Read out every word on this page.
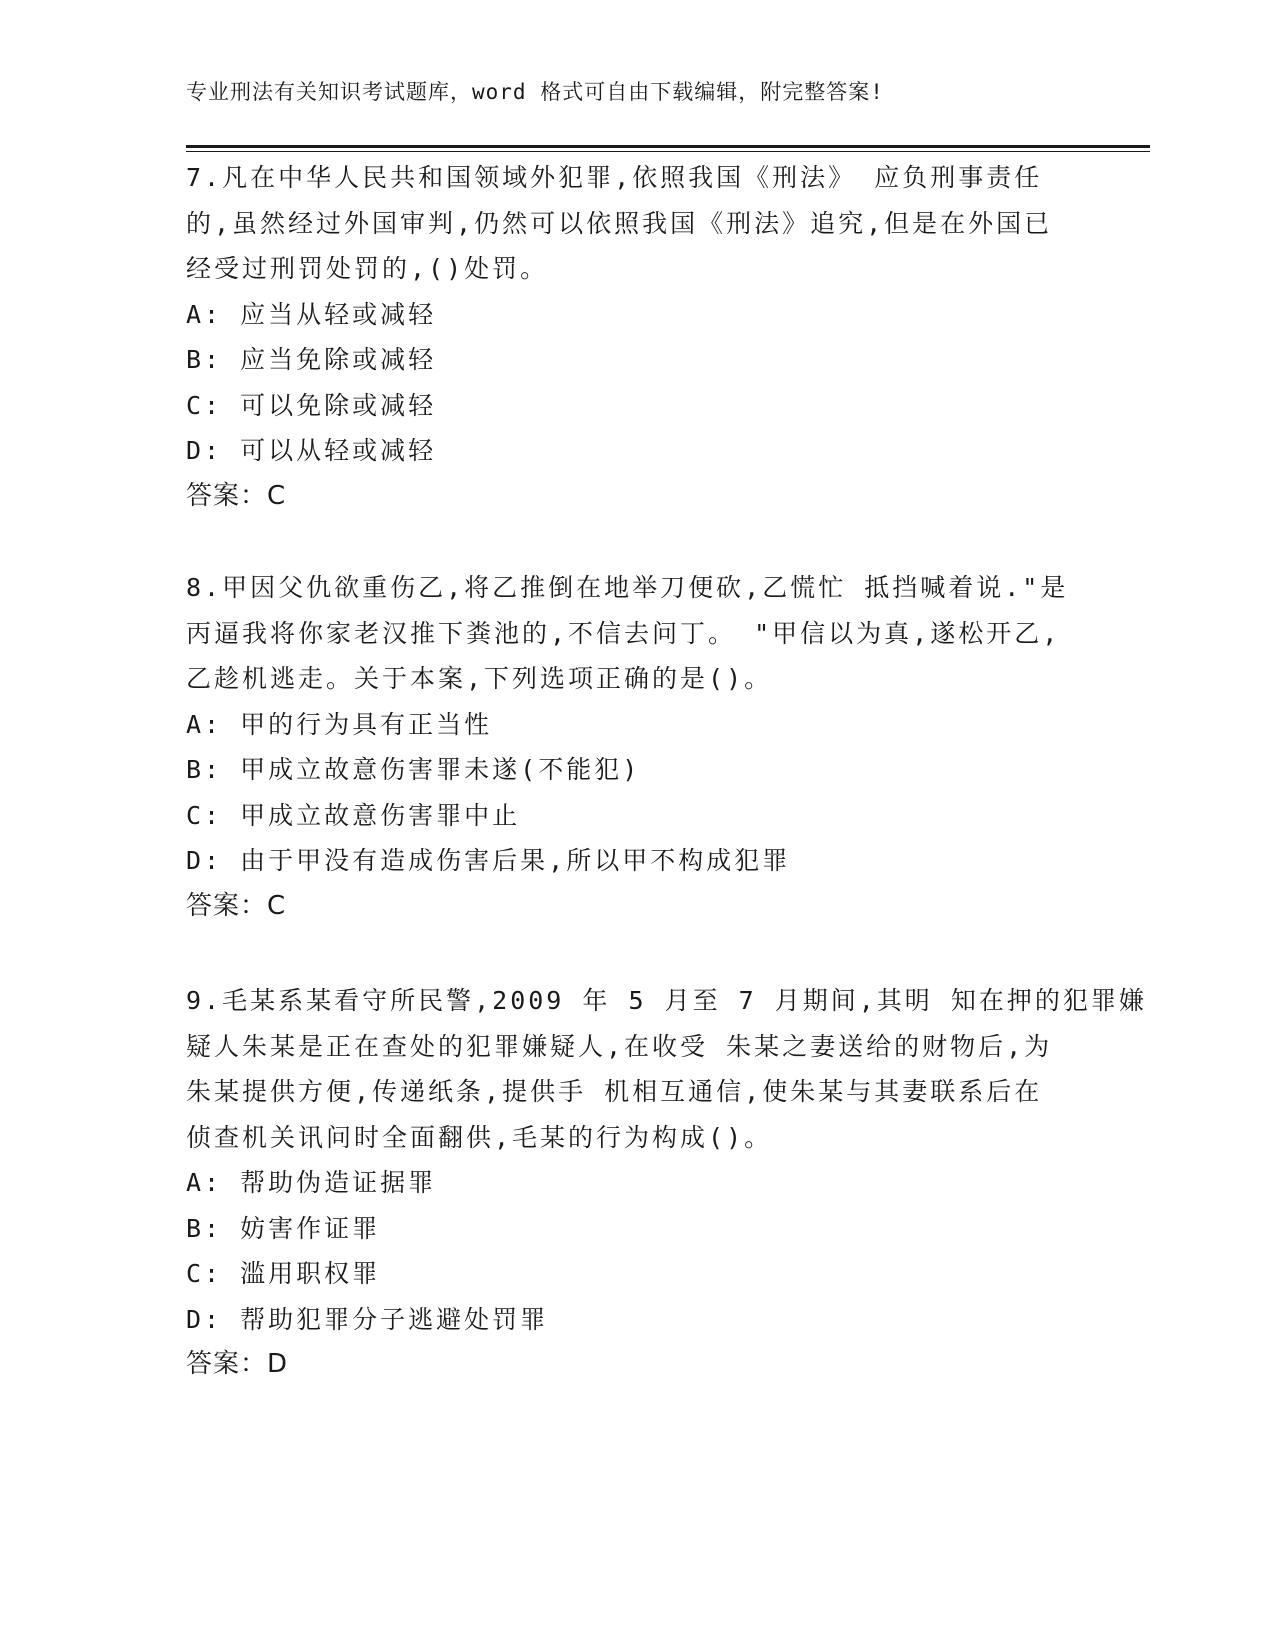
专业刑法有关知识考试题库，word 格式可自由下载编辑，附完整答案!
7.凡在中华人民共和国领域外犯罪,依照我国《刑法》 应负刑事责任
的,虽然经过外国审判,仍然可以依照我国《刑法》追究,但是在外国已
经受过刑罚处罚的,()处罚。
A: 应当从轻或减轻
B: 应当免除或减轻
C: 可以免除或减轻
D: 可以从轻或减轻
答案：C
8.甲因父仇欲重伤乙,将乙推倒在地举刀便砍,乙慌忙 抵挡喊着说."是
丙逼我将你家老汉推下粪池的,不信去问丁。 "甲信以为真,遂松开乙,
乙趁机逃走。关于本案,下列选项正确的是()。
A: 甲的行为具有正当性
B: 甲成立故意伤害罪未遂(不能犯)
C: 甲成立故意伤害罪中止
D: 由于甲没有造成伤害后果,所以甲不构成犯罪
答案：C
9.毛某系某看守所民警,2009 年 5 月至 7 月期间,其明 知在押的犯罪嫌
疑人朱某是正在查处的犯罪嫌疑人,在收受 朱某之妻送给的财物后,为
朱某提供方便,传递纸条,提供手 机相互通信,使朱某与其妻联系后在
侦查机关讯问时全面翻供,毛某的行为构成()。
A: 帮助伪造证据罪
B: 妨害作证罪
C: 滥用职权罪
D: 帮助犯罪分子逃避处罚罪
答案：D
